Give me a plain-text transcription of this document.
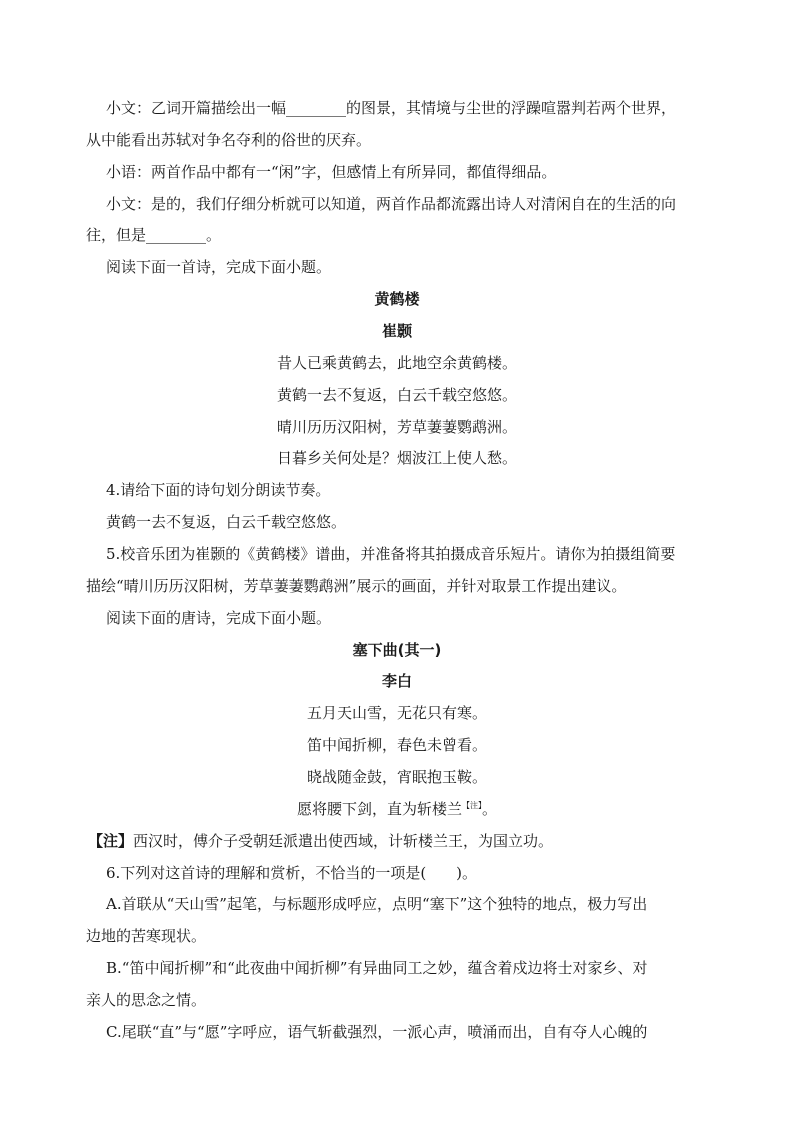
小文：乙词开篇描绘出一幅________的图景，其情境与尘世的浮躁喧嚣判若两个世界，
从中能看出苏轼对争名夺利的俗世的厌弃。
小语：两首作品中都有一“闲”字，但感情上有所异同，都值得细品。
小文：是的，我们仔细分析就可以知道，两首作品都流露出诗人对清闲自在的生活的向
往，但是________。
阅读下面一首诗，完成下面小题。
黄鹤楼
崔颢
昔人已乘黄鹤去，此地空余黄鹤楼。
黄鹤一去不复返，白云千载空悠悠。
晴川历历汉阳树，芳草萋萋鹦鹉洲。
日暮乡关何处是？烟波江上使人愁。
4.请给下面的诗句划分朗读节奏。
黄鹤一去不复返，白云千载空悠悠。
5.校音乐团为崔颢的《黄鹤楼》谱曲，并准备将其拍摄成音乐短片。请你为拍摄组简要
描绘“晴川历历汉阳树，芳草萋萋鹦鹉洲”展示的画面，并针对取景工作提出建议。
阅读下面的唐诗，完成下面小题。
塞下曲(其一)
李白
五月天山雪，无花只有寒。
笛中闻折柳，春色未曾看。
晓战随金鼓，宵眠抱玉鞍。
愿将腰下剑，直为斩楼兰$^{【注】}$。
【注】西汉时，傅介子受朝廷派遣出使西域，计斩楼兰王，为国立功。
6.下列对这首诗的理解和赏析，不恰当的一项是(　　)。
A.首联从“天山雪”起笔，与标题形成呼应，点明“塞下”这个独特的地点，极力写出
边地的苦寒现状。
B.“笛中闻折柳”和“此夜曲中闻折柳”有异曲同工之妙，蕴含着戍边将士对家乡、对
亲人的思念之情。
C.尾联“直”与“愿”字呼应，语气斩截强烈，一派心声，喷涌而出，自有夺人心魄的
